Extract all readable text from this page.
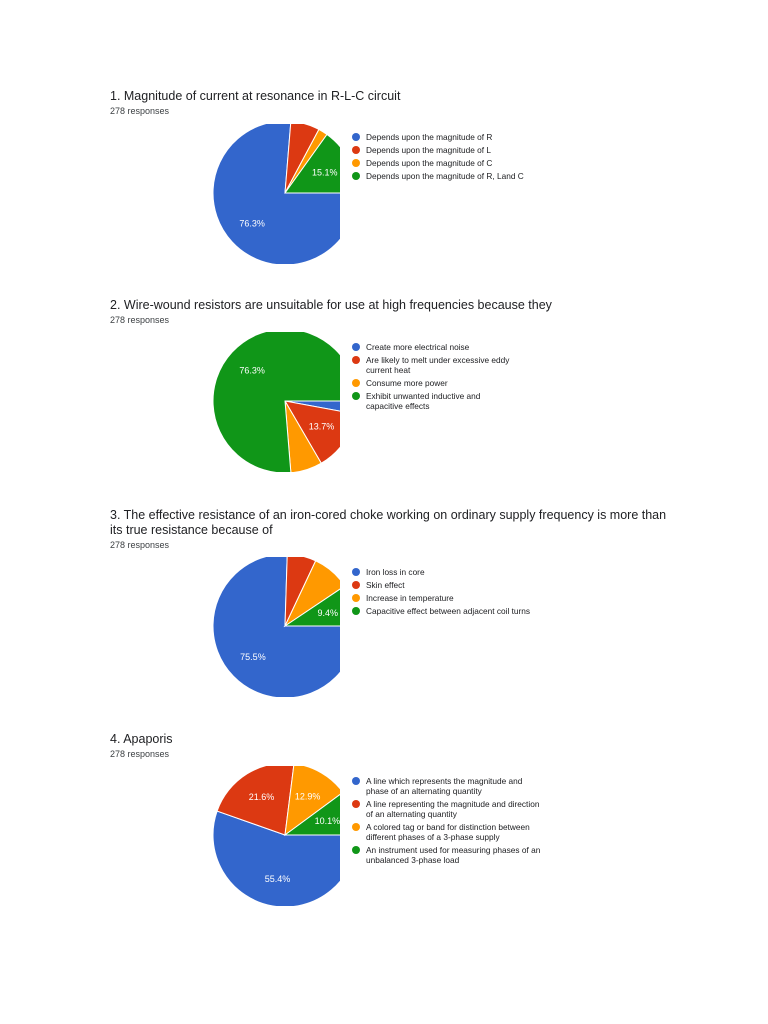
1. Magnitude of current at resonance in R-L-C circuit

278 responses
76.3%
15.1%
Depends upon the magnitude of R
Depends upon the magnitude of L
Depends upon the magnitude of C
Depends upon the magnitude of R, Land C

2. Wire-wound resistors are unsuitable for use at high frequencies because they

278 responses
13.7%
76.3%
Create more electrical noise
Are likely to melt under excessive eddy current heat
Consume more power
Exhibit unwanted inductive and capacitive effects

3. The effective resistance of an iron-cored choke working on ordinary supply frequency is more than its true resistance because of

278 responses
75.5%
9.4%
Iron loss in core
Skin effect
Increase in temperature
Capacitive effect between adjacent coil turns

4. Apaporis

278 responses
55.4%
21.6% 12.9%
10.1%
A line which represents the magnitude and phase of an alternating quantity
A line representing the magnitude and direction of an alternating quantity
A colored tag or band for distinction between different phases of a 3-phase supply
An instrument used for measuring phases of an unbalanced 3-phase load
